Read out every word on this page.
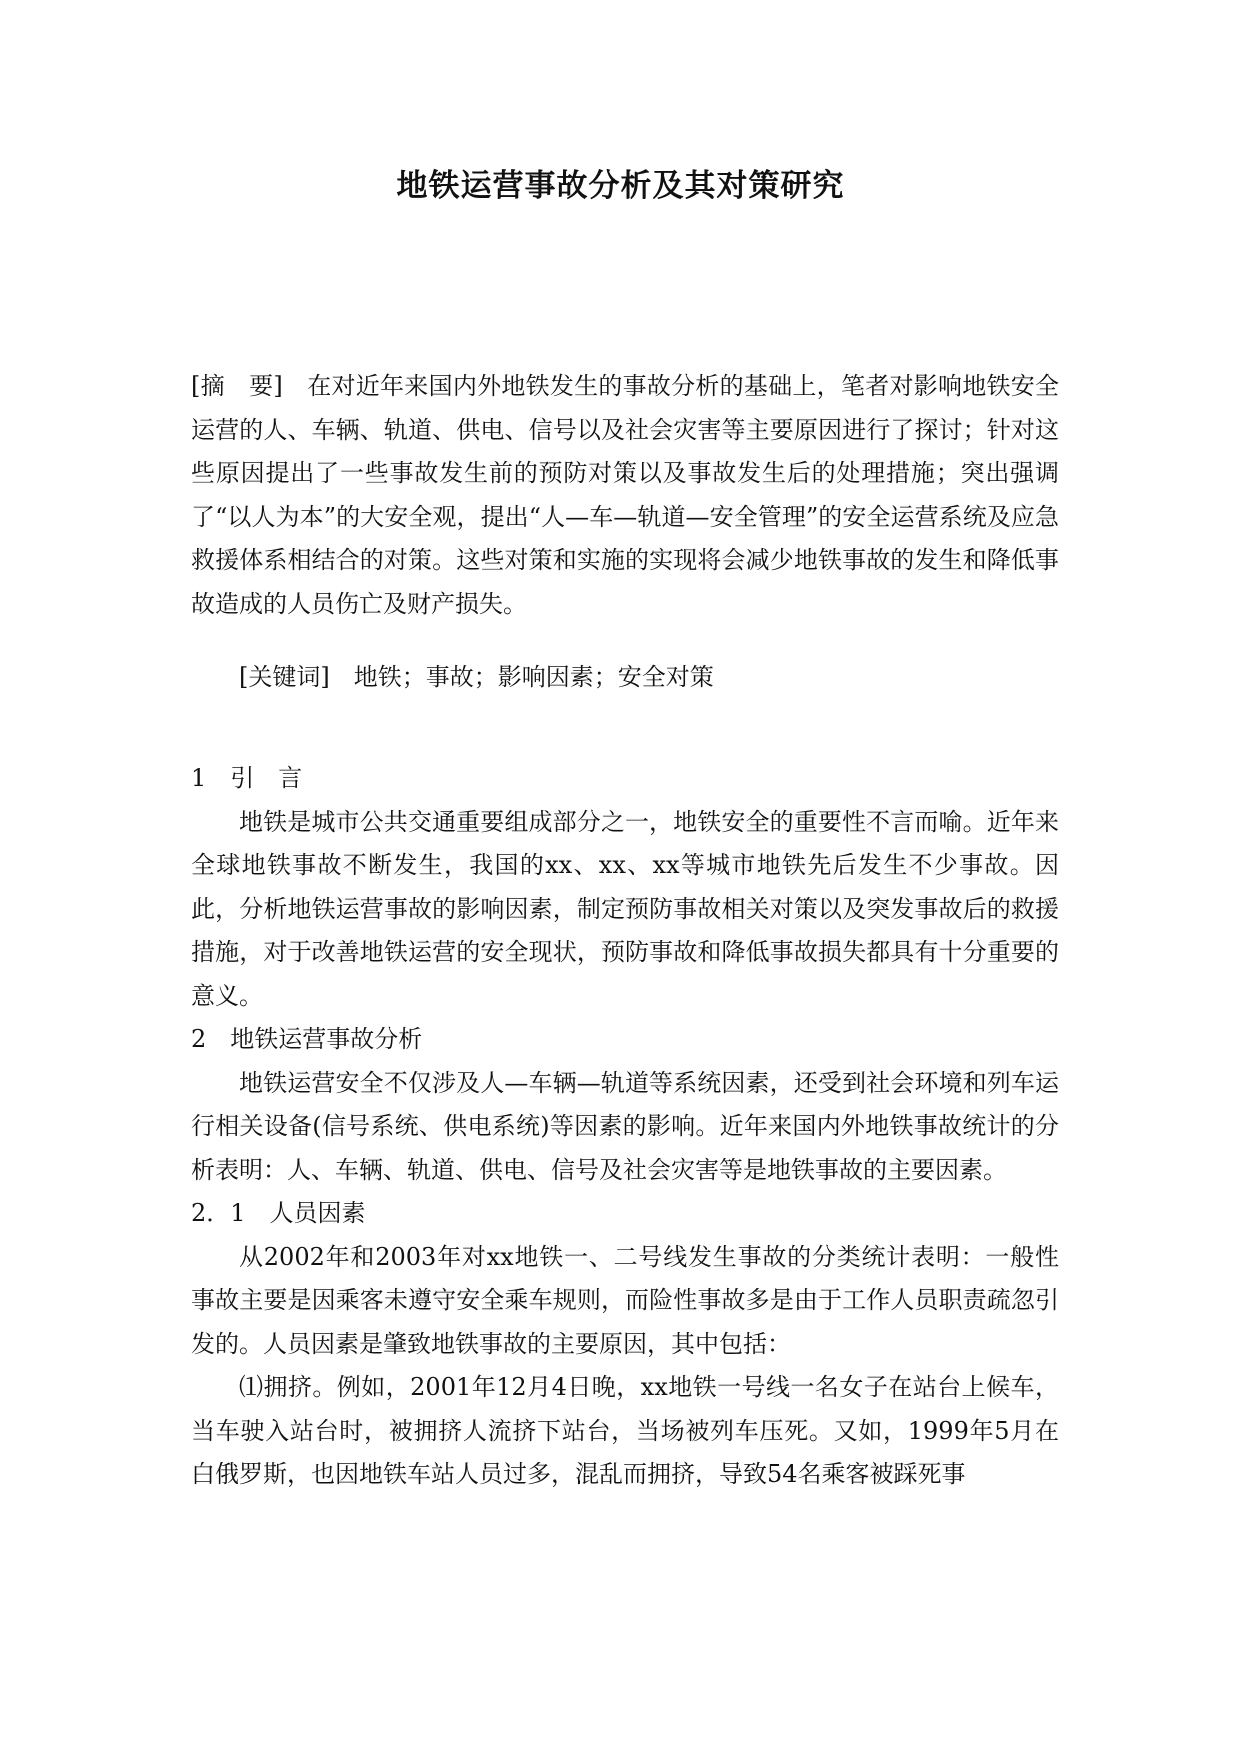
地铁运营事故分析及其对策研究
[摘　要]　 在对近年来国内外地铁发生的事故分析的基础上，笔者对影响地铁安全运营的人、车辆、轨道、供电、信号以及社会灾害等主要原因进行了探讨；针对这些原因提出了一些事故发生前的预防对策以及事故发生后的处理措施；突出强调了“以人为本”的大安全观，提出“人—车—轨道—安全管理”的安全运营系统及应急救援体系相结合的对策。这些对策和实施的实现将会减少地铁事故的发生和降低事故造成的人员伤亡及财产损失。
[关键词]　 地铁；事故；影响因素；安全对策

1　引　言

地铁是城市公共交通重要组成部分之一，地铁安全的重要性不言而喻。近年来全球地铁事故不断发生，我国的xx、xx、xx等城市地铁先后发生不少事故。因此，分析地铁运营事故的影响因素，制定预防事故相关对策以及突发事故后的救援措施，对于改善地铁运营的安全现状，预防事故和降低事故损失都具有十分重要的意义。

2　地铁运营事故分析

地铁运营安全不仅涉及人—车辆—轨道等系统因素，还受到社会环境和列车运行相关设备(信号系统、供电系统)等因素的影响。近年来国内外地铁事故统计的分析表明：人、车辆、轨道、供电、信号及社会灾害等是地铁事故的主要因素。

2．1　人员因素

从2002年和2003年对xx地铁一、二号线发生事故的分类统计表明：一般性事故主要是因乘客未遵守安全乘车规则，而险性事故多是由于工作人员职责疏忽引发的。人员因素是肇致地铁事故的主要原因，其中包括：

⑴拥挤。例如，2001年12月4日晚，xx地铁一号线一名女子在站台上候车，当车驶入站台时，被拥挤人流挤下站台，当场被列车压死。又如，1999年5月在白俄罗斯，也因地铁车站人员过多，混乱而拥挤，导致54名乘客被踩死事
